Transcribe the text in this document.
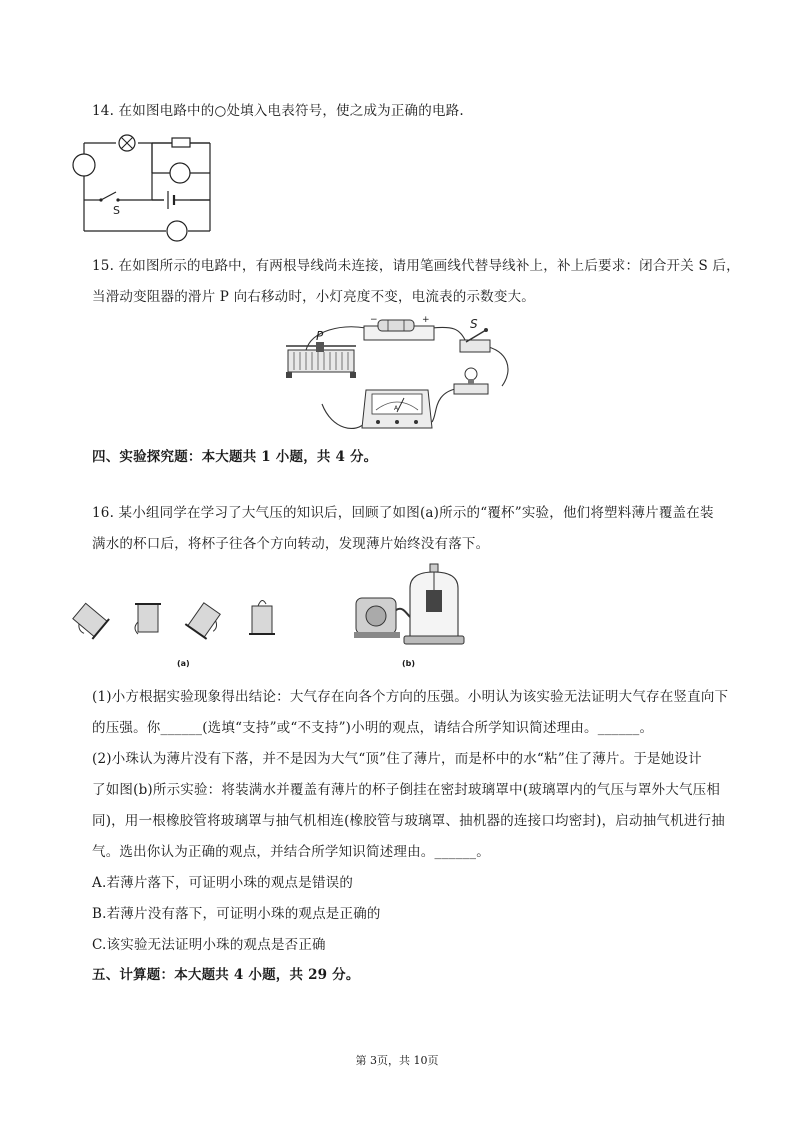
14. 在如图电路中的○处填入电表符号，使之成为正确的电路.
S
15. 在如图所示的电路中，有两根导线尚未连接，请用笔画线代替导线补上，补上后要求：闭合开关 S 后，
当滑动变阻器的滑片 P 向右移动时，小灯亮度不变，电流表的示数变大。
−	+
P
S
A
四、实验探究题：本大题共 1 小题，共 4 分。
16. 某小组同学在学习了大气压的知识后，回顾了如图(a)所示的“覆杯”实验，他们将塑料薄片覆盖在装
满水的杯口后，将杯子往各个方向转动，发现薄片始终没有落下。
(a)	(b)
(1)小方根据实验现象得出结论：大气存在向各个方向的压强。小明认为该实验无法证明大气存在竖直向下
的压强。你______(选填“支持”或“不支持”)小明的观点，请结合所学知识简述理由。______。
(2)小珠认为薄片没有下落，并不是因为大气“顶”住了薄片，而是杯中的水“粘”住了薄片。于是她设计
了如图(b)所示实验：将装满水并覆盖有薄片的杯子倒挂在密封玻璃罩中(玻璃罩内的气压与罩外大气压相
同)，用一根橡胶管将玻璃罩与抽气机相连(橡胶管与玻璃罩、抽机器的连接口均密封)，启动抽气机进行抽
气。选出你认为正确的观点，并结合所学知识简述理由。______。
A.若薄片落下，可证明小珠的观点是错误的
B.若薄片没有落下，可证明小珠的观点是正确的
C.该实验无法证明小珠的观点是否正确
五、计算题：本大题共 4 小题，共 29 分。
第 3页，共 10页
